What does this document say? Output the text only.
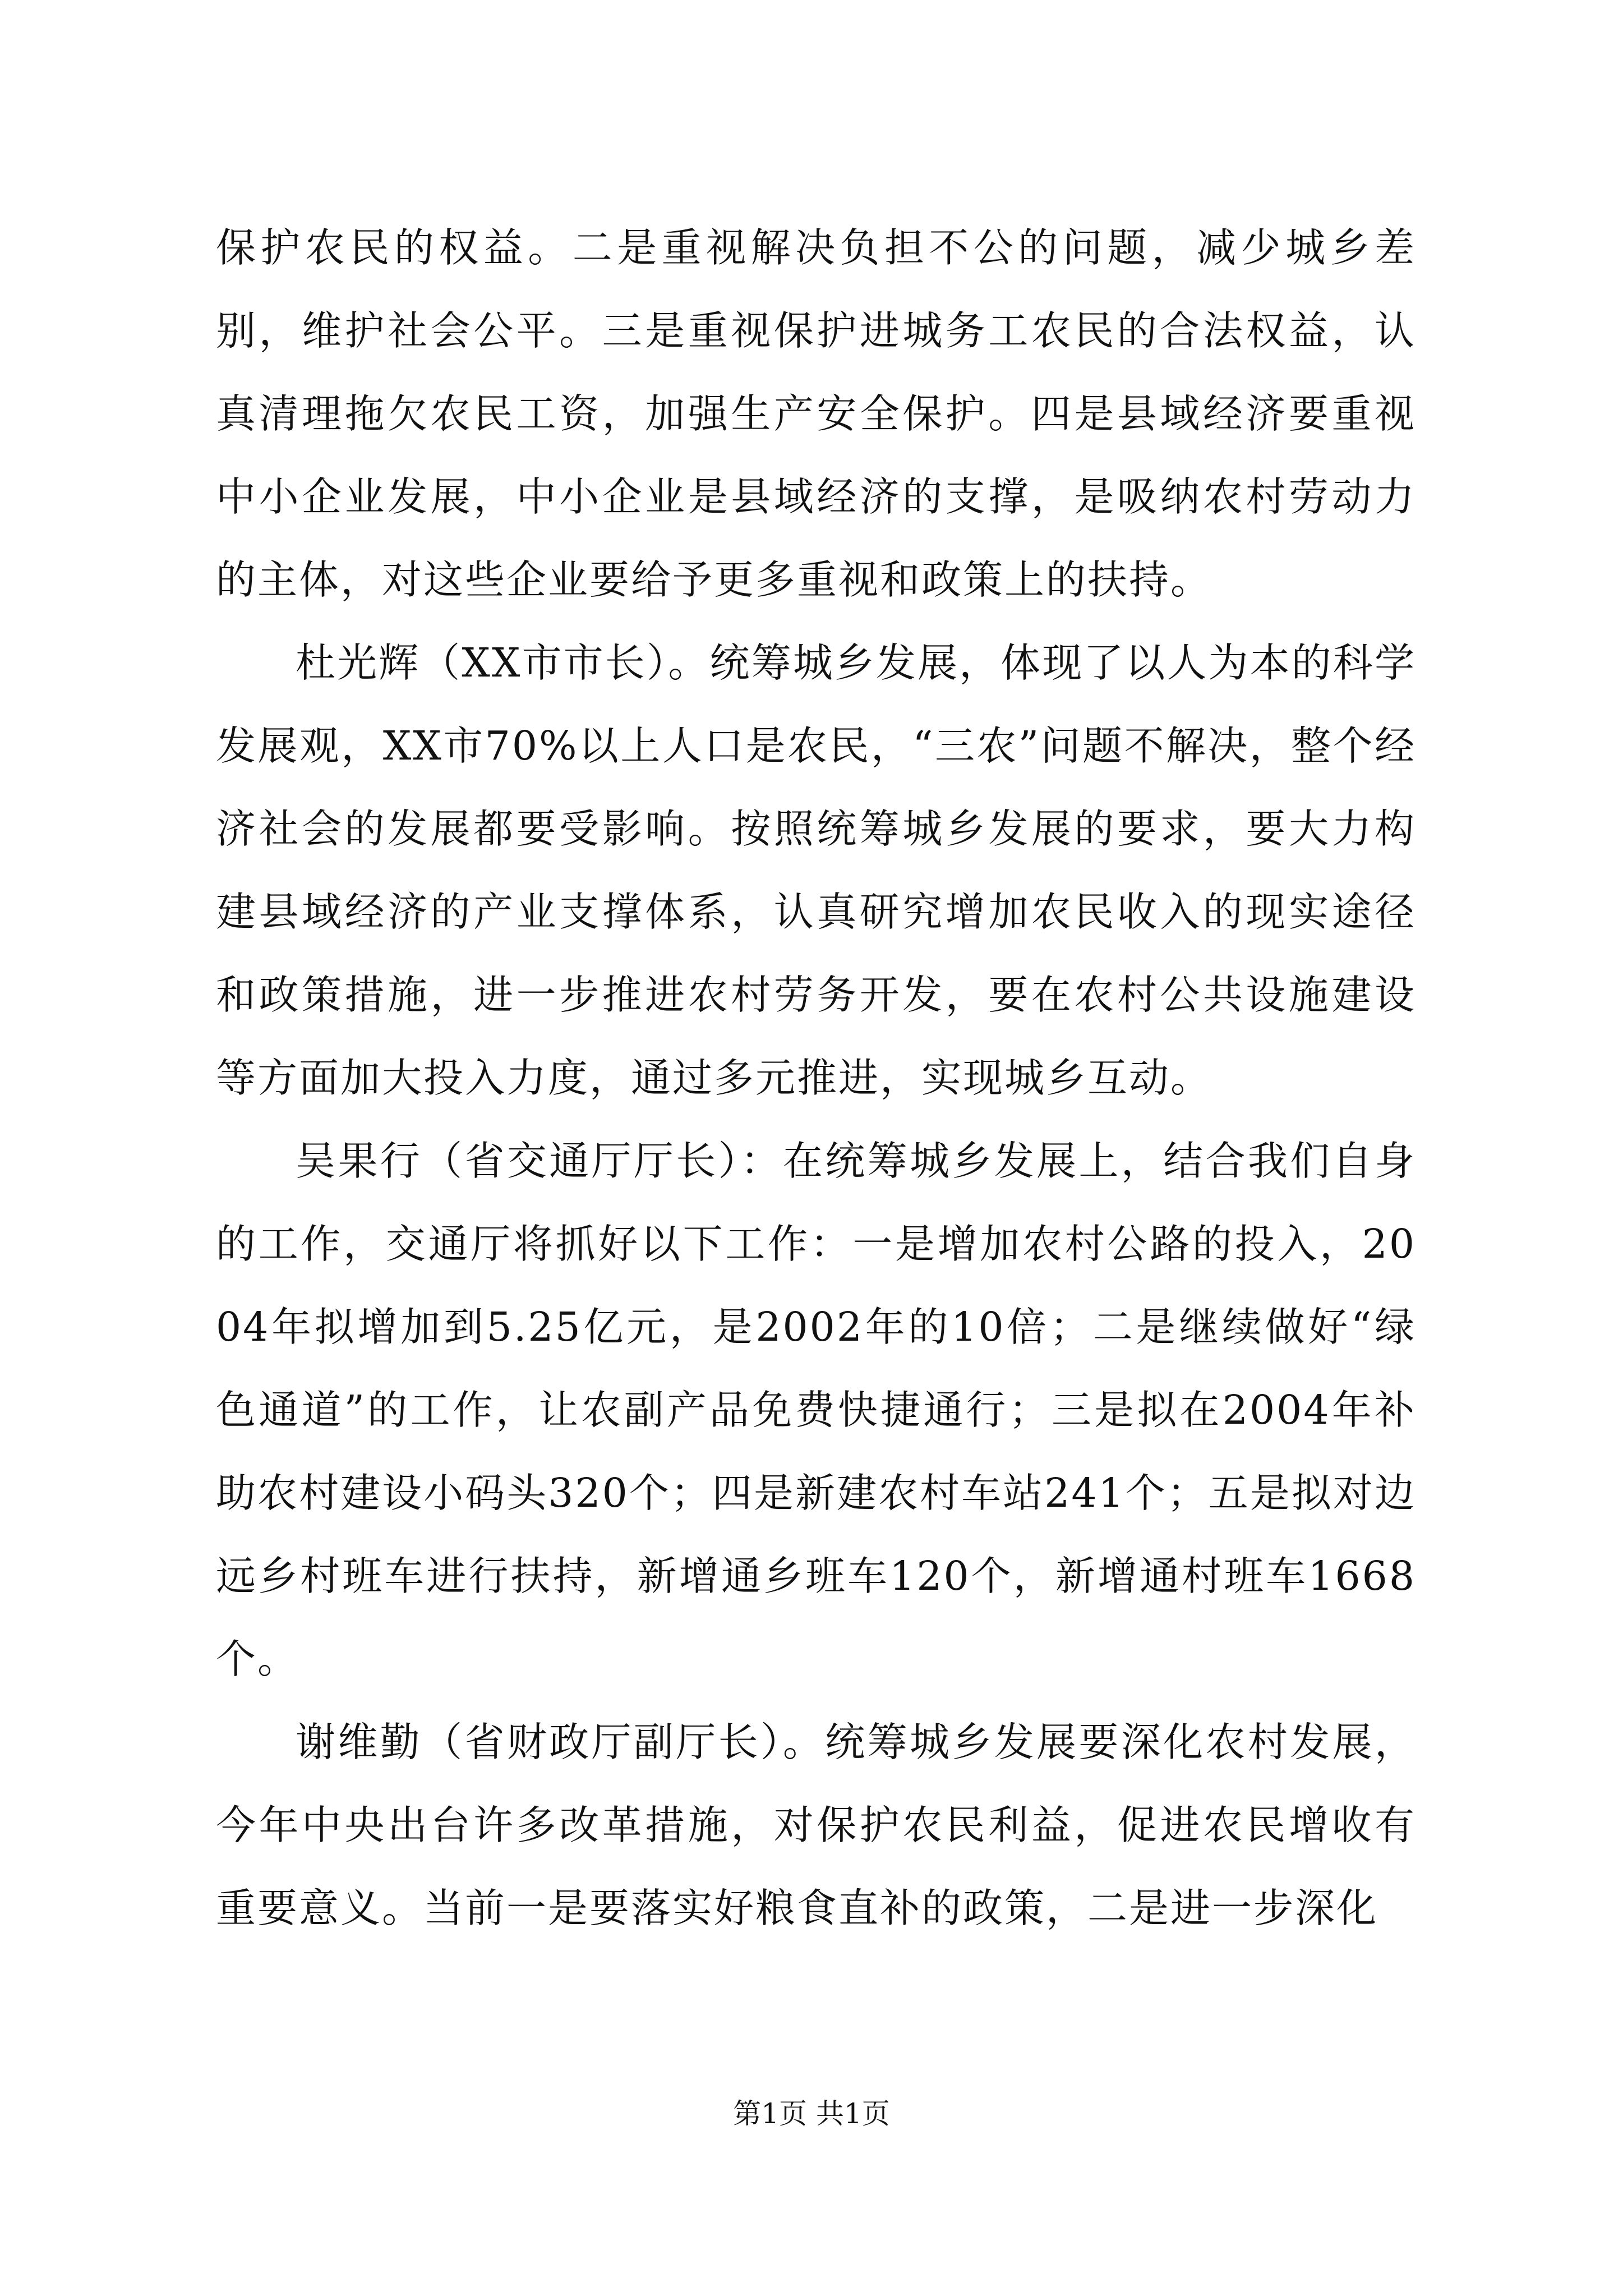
保护农民的权益。二是重视解决负担不公的问题，减少城乡差别，维护社会公平。三是重视保护进城务工农民的合法权益，认真清理拖欠农民工资，加强生产安全保护。四是县域经济要重视中小企业发展，中小企业是县域经济的支撑，是吸纳农村劳动力的主体，对这些企业要给予更多重视和政策上的扶持。

杜光辉（XX市市长）。统筹城乡发展，体现了以人为本的科学发展观，XX市70%以上人口是农民，“三农”问题不解决，整个经济社会的发展都要受影响。按照统筹城乡发展的要求，要大力构建县域经济的产业支撑体系，认真研究增加农民收入的现实途径和政策措施，进一步推进农村劳务开发，要在农村公共设施建设等方面加大投入力度，通过多元推进，实现城乡互动。

吴果行（省交通厅厅长）：在统筹城乡发展上，结合我们自身的工作，交通厅将抓好以下工作：一是增加农村公路的投入，2004年拟增加到5.25亿元，是2002年的10倍；二是继续做好“绿色通道”的工作，让农副产品免费快捷通行；三是拟在2004年补助农村建设小码头320个；四是新建农村车站241个；五是拟对边远乡村班车进行扶持，新增通乡班车120个，新增通村班车1668个。

谢维勤（省财政厅副厅长）。统筹城乡发展要深化农村发展，今年中央出台许多改革措施，对保护农民利益，促进农民增收有重要意义。当前一是要落实好粮食直补的政策，二是进一步深化

第1页 共1页
